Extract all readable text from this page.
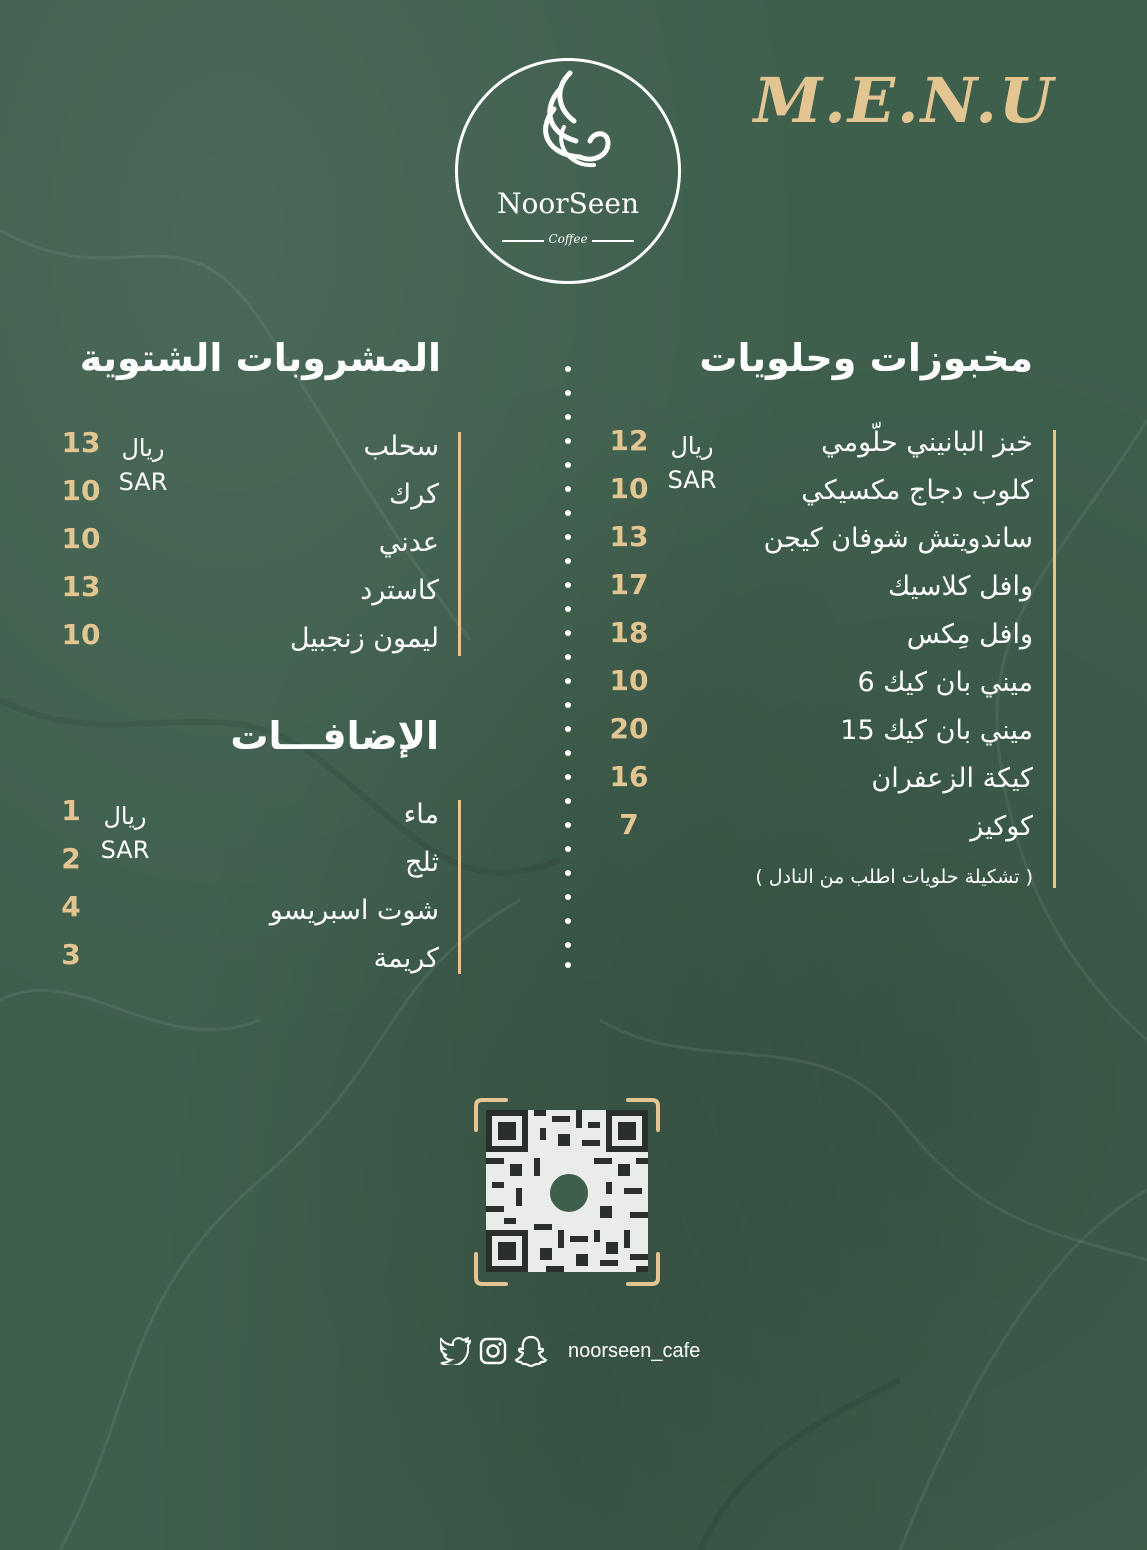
M.E.N.U
NoorSeen
Coffee
مخبوزات وحلويات
ريال
SAR
خبز البانيني حلّومي
12
كلوب دجاج مكسيكي
10
ساندويتش شوفان كيجن
13
وافل كلاسيك
17
وافل مِكس
18
ميني بان كيك 6
10
ميني بان كيك 15
20
كيكة الزعفران
16
كوكيز
7
( تشكيلة حلويات اطلب من النادل )
المشروبات الشتوية
ريال
SAR
سحلب
13
كرك
10
عدني
10
كاسترد
13
ليمون زنجبيل
10
الإضافـــات
ريال
SAR
ماء
1
ثلج
2
شوت اسبريسو
4
كريمة
3
noorseen_cafe
